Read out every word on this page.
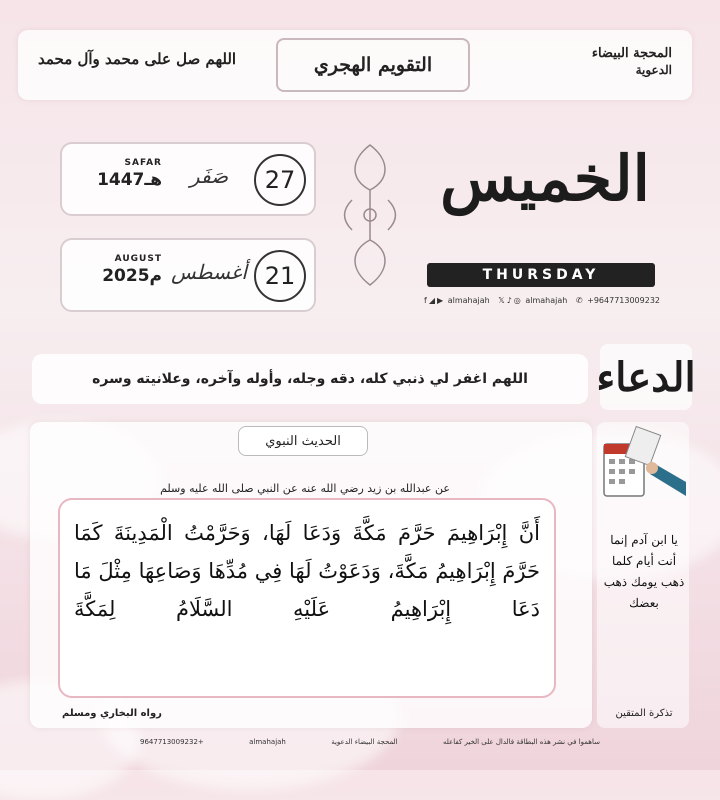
اللهم صل على محمد وآل محمد	التقويم الهجري
المحجة البيضاء
الدعوية
27
صَفَر
SAFAR
1447هـ
21
أغسطس
AUGUST
2025م
الخميس
THURSDAY
f ◢ ▶ almahajah 𝕏 ♪ ◎ almahajah ✆ +9647713009232
اللهم اغفر لي ذنبي كله، دقه وجله، وأوله وآخره، وعلانيته وسره الدعاء
الحديث النبوي
عن عبدالله بن زيد رضي الله عنه عن النبي صلى الله عليه وسلم
أَنَّ إِبْرَاهِيمَ حَرَّمَ مَكَّةَ وَدَعَا لَهَا، وَحَرَّمْتُ الْمَدِينَةَ كَمَا حَرَّمَ إِبْرَاهِيمُ مَكَّةَ، وَدَعَوْتُ لَهَا فِي مُدِّهَا وَصَاعِهَا مِثْلَ مَا دَعَا إِبْرَاهِيمُ عَلَيْهِ السَّلَامُ لِمَكَّةَ
رواه البخاري ومسلم
يا ابن آدم إنما أنت أيام كلما ذهب يومك ذهب بعضك
تذكرة المتقين
ساهموا في نشر هذه البطاقة فالدال على الخير كفاعله
المحجة البيضاء الدعوية
almahajah
+9647713009232
